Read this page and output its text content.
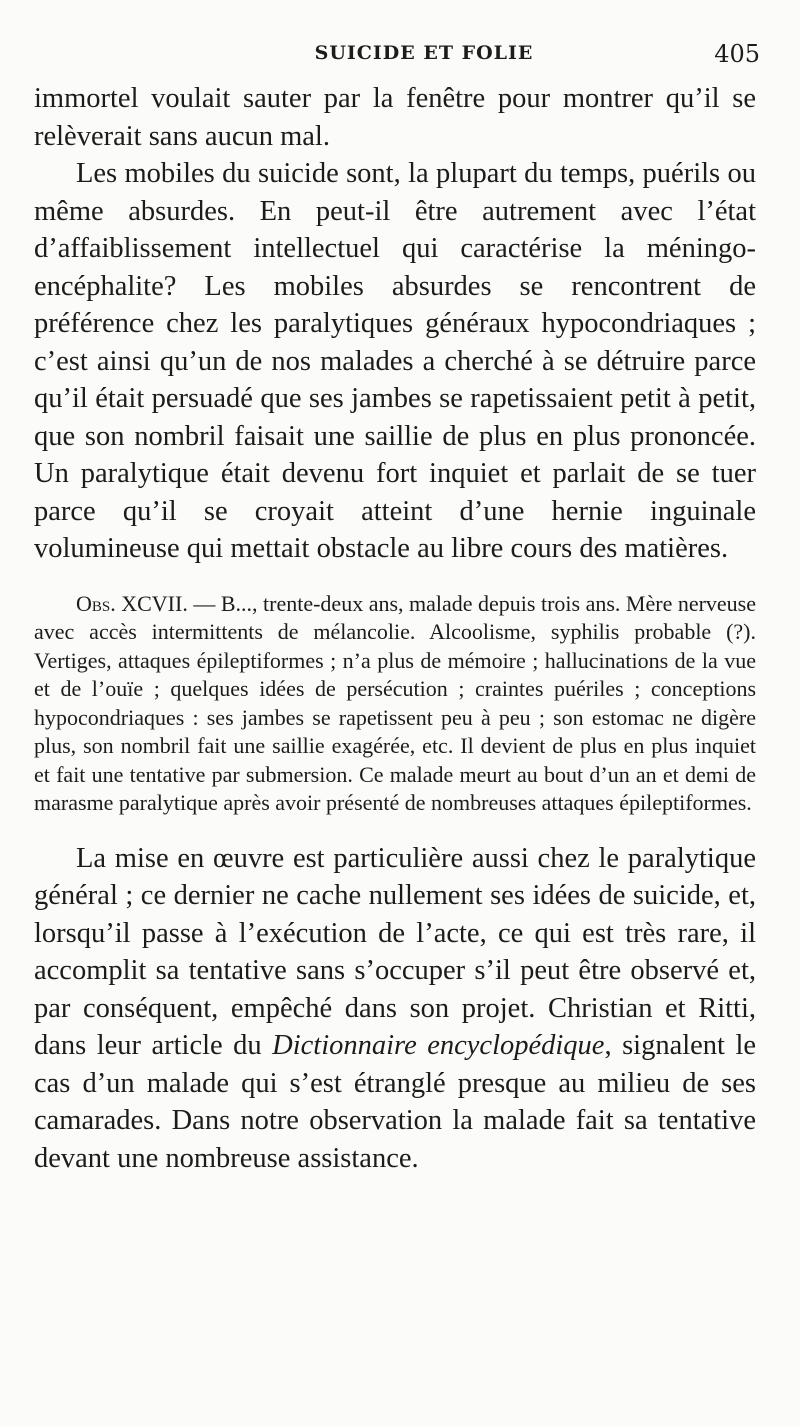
SUICIDE ET FOLIE	405

immortel voulait sauter par la fenêtre pour montrer qu’il se relèverait sans aucun mal.

Les mobiles du suicide sont, la plupart du temps, puérils ou même absurdes. En peut-il être autrement avec l’état d’affaiblissement intellectuel qui caractérise la méningo-encéphalite? Les mobiles absurdes se rencontrent de préférence chez les paralytiques généraux hypocondriaques ; c’est ainsi qu’un de nos malades a cherché à se détruire parce qu’il était persuadé que ses jambes se rapetissaient petit à petit, que son nombril faisait une saillie de plus en plus prononcée. Un paralytique était devenu fort inquiet et parlait de se tuer parce qu’il se croyait atteint d’une hernie inguinale volumineuse qui mettait obstacle au libre cours des matières.

Obs. XCVII. — B..., trente-deux ans, malade depuis trois ans. Mère nerveuse avec accès intermittents de mélancolie. Alcoolisme, syphilis probable (?). Vertiges, attaques épileptiformes ; n’a plus de mémoire ; hallucinations de la vue et de l’ouïe ; quelques idées de persécution ; craintes puériles ; conceptions hypocondriaques : ses jambes se rapetissent peu à peu ; son estomac ne digère plus, son nombril fait une saillie exagérée, etc. Il devient de plus en plus inquiet et fait une tentative par submersion. Ce malade meurt au bout d’un an et demi de marasme paralytique après avoir présenté de nombreuses attaques épileptiformes.

La mise en œuvre est particulière aussi chez le paralytique général ; ce dernier ne cache nullement ses idées de suicide, et, lorsqu’il passe à l’exécution de l’acte, ce qui est très rare, il accomplit sa tentative sans s’occuper s’il peut être observé et, par conséquent, empêché dans son projet. Christian et Ritti, dans leur article du Dictionnaire encyclopédique, signalent le cas d’un malade qui s’est étranglé presque au milieu de ses camarades. Dans notre observation la malade fait sa tentative devant une nombreuse assistance.
